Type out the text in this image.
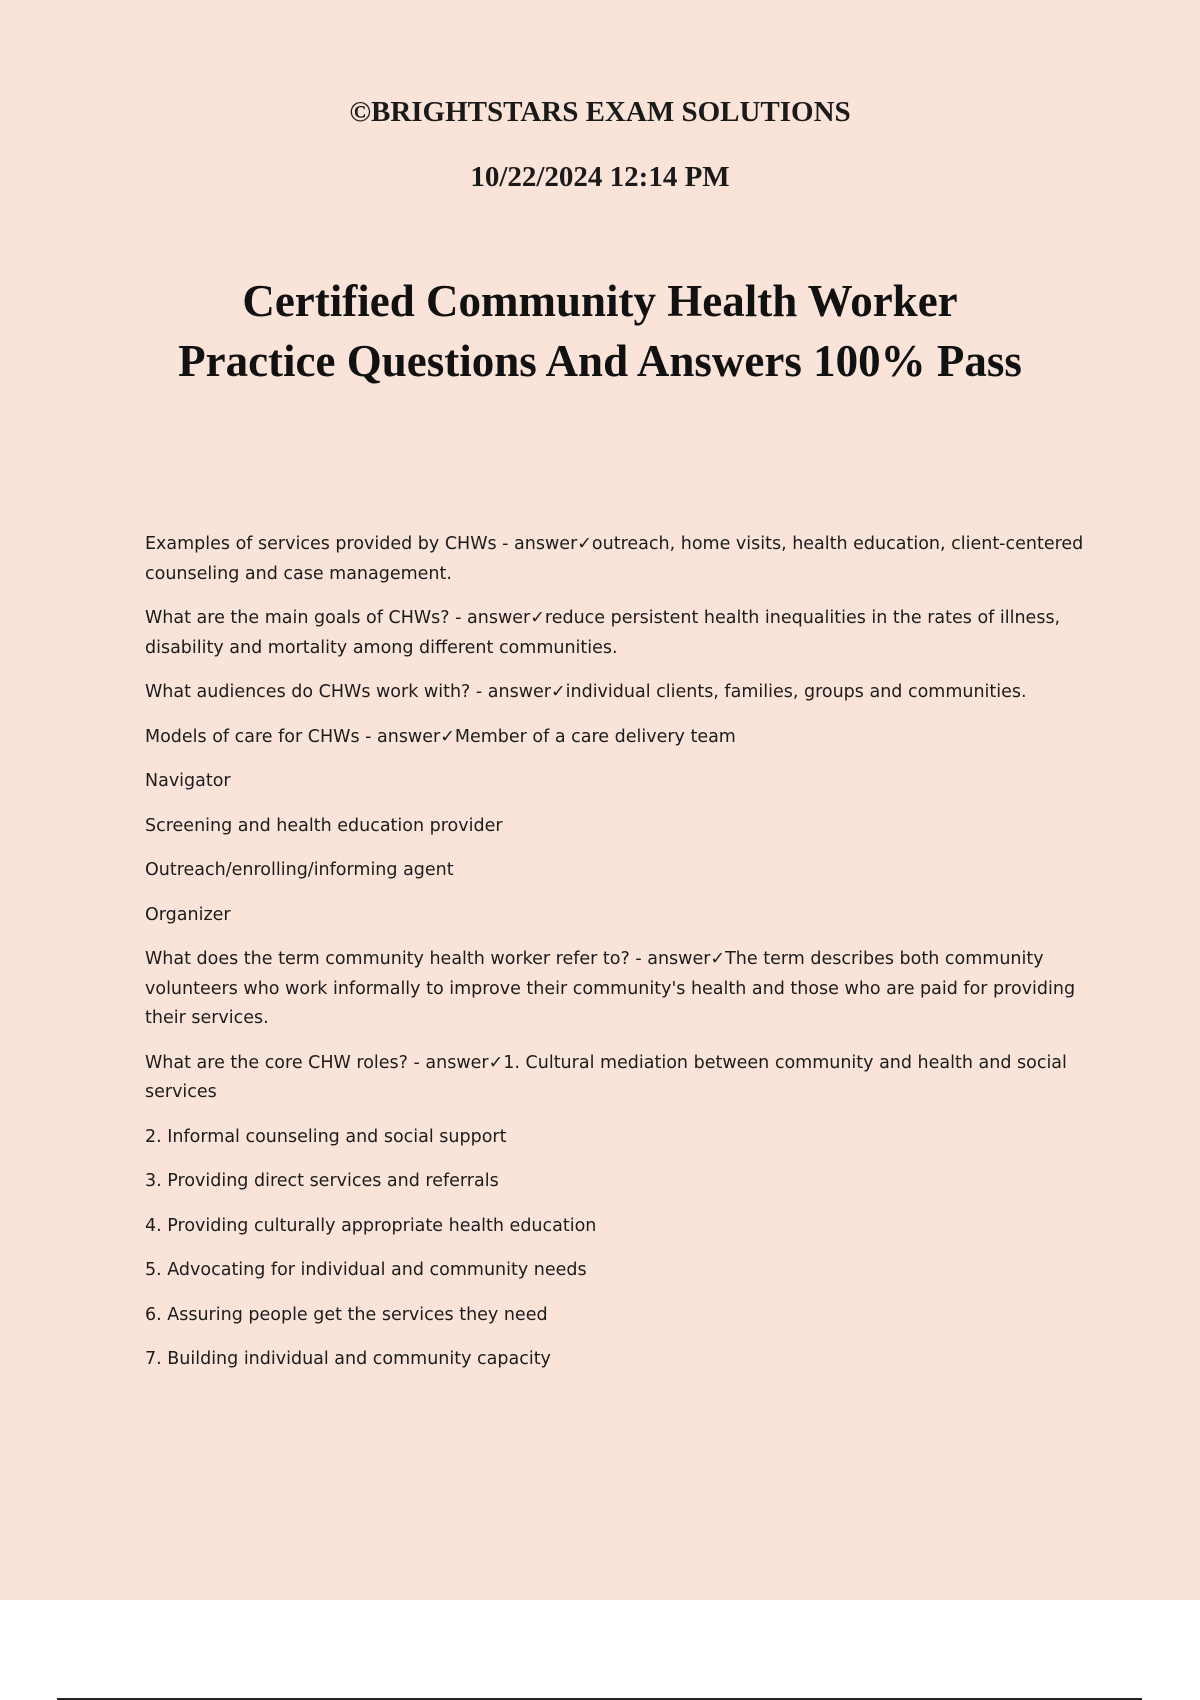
©BRIGHTSTARS EXAM SOLUTIONS

10/22/2024 12:14 PM

Certified Community Health Worker
Practice Questions And Answers 100% Pass

Examples of services provided by CHWs - answer✓outreach, home visits, health education, client-centered counseling and case management.

What are the main goals of CHWs? - answer✓reduce persistent health inequalities in the rates of illness, disability and mortality among different communities.

What audiences do CHWs work with? - answer✓individual clients, families, groups and communities.

Models of care for CHWs - answer✓Member of a care delivery team

Navigator

Screening and health education provider

Outreach/enrolling/informing agent

Organizer

What does the term community health worker refer to? - answer✓The term describes both community volunteers who work informally to improve their community's health and those who are paid for providing their services.

What are the core CHW roles? - answer✓1. Cultural mediation between community and health and social services

2. Informal counseling and social support

3. Providing direct services and referrals

4. Providing culturally appropriate health education

5. Advocating for individual and community needs

6. Assuring people get the services they need

7. Building individual and community capacity
